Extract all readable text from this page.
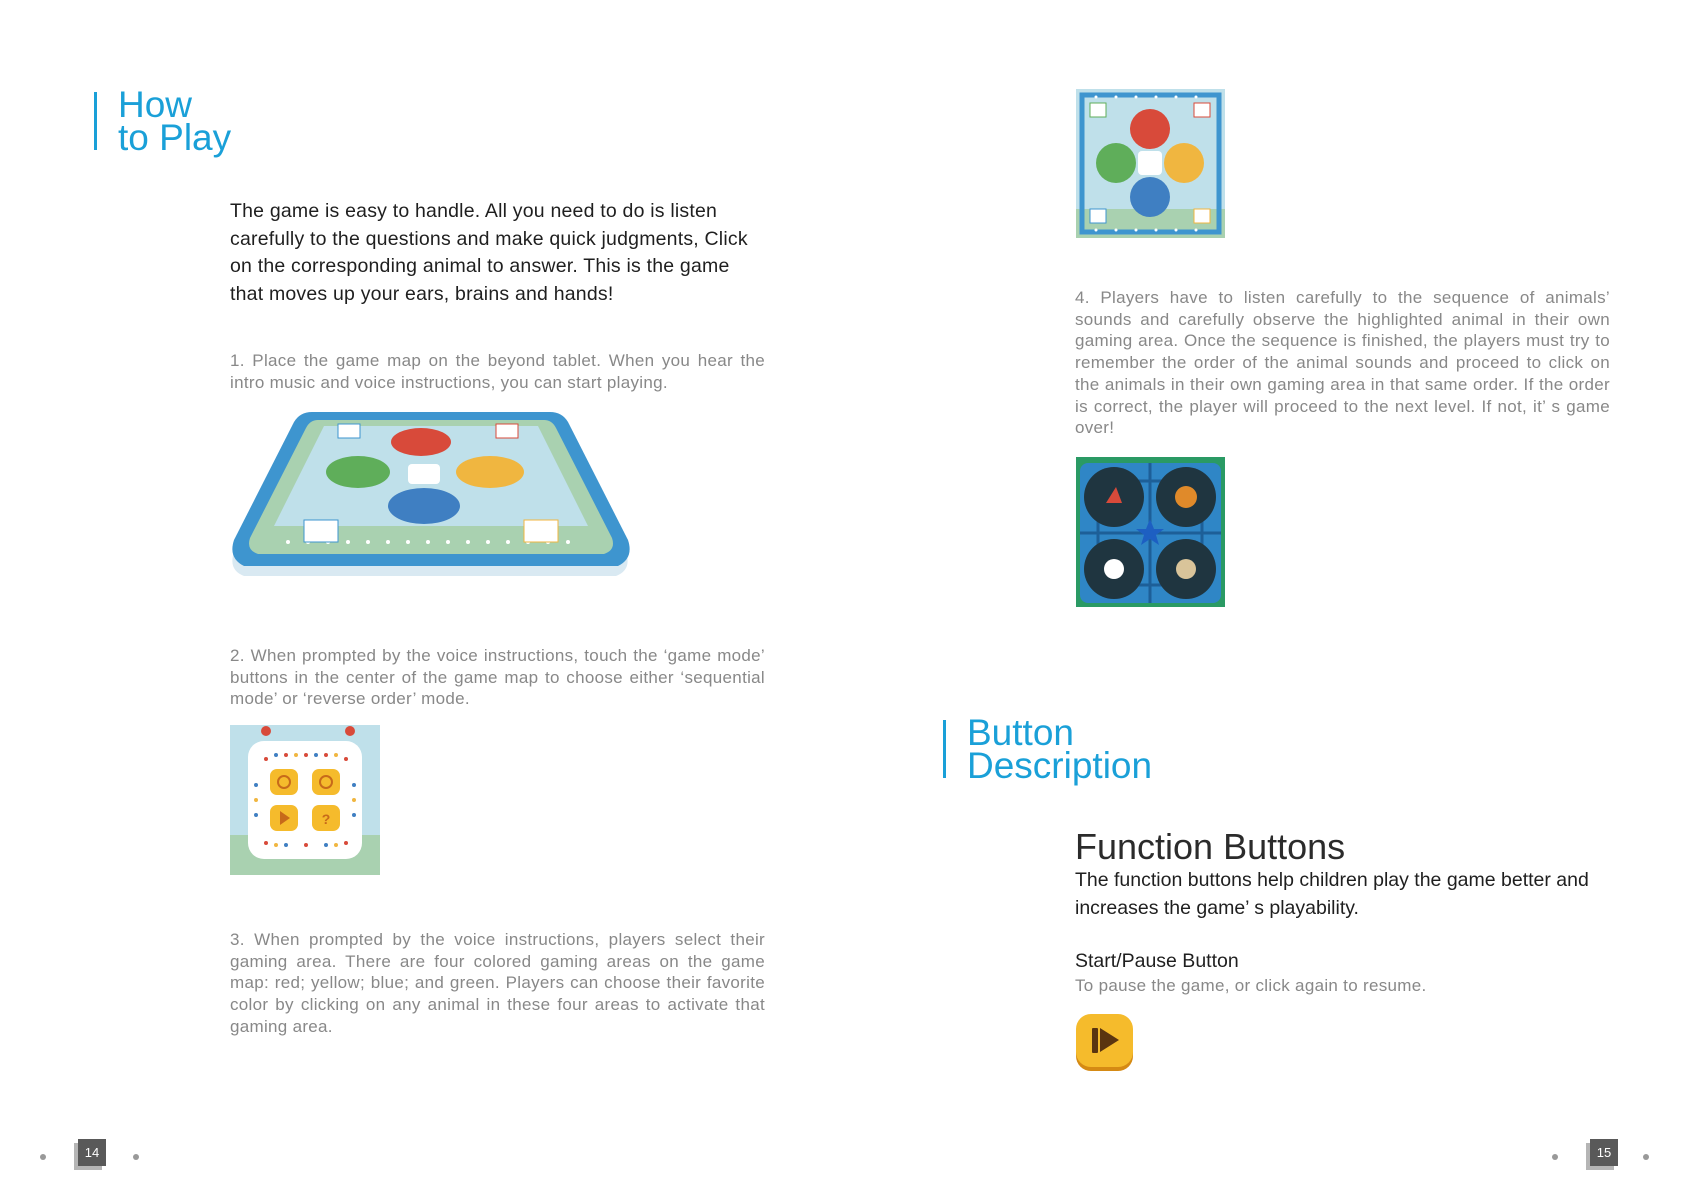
How
to Play
The game is easy to handle. All you need to do is listen carefully to the questions and make quick judgments, Click on the corresponding animal to answer. This is the game that moves up your ears, brains and hands!
1. Place the game map on the beyond tablet. When you hear the intro music and voice instructions, you can start playing.
2. When prompted by the voice instructions, touch the ‘game mode’ buttons in the center of the game map to choose either ‘sequential mode’ or ‘reverse order’ mode.
?
3. When prompted by the voice instructions, players select their gaming area. There are four colored gaming areas on the game map: red; yellow; blue; and green. Players can choose their favorite color by clicking on any animal in these four areas to activate that gaming area.
14
4. Players have to listen carefully to the sequence of animals’ sounds and carefully observe the highlighted animal in their own gaming area. Once the sequence is finished, the players must try to remember the order of the animal sounds and proceed to click on the animals in their own gaming area in that same order. If the order is correct, the player will proceed to the next level. If not, it’ s game over!
Button
Description
Function Buttons
The function buttons help children play the game better and increases the game’ s playability.
Start/Pause Button
To pause the game, or click again to resume.
15
